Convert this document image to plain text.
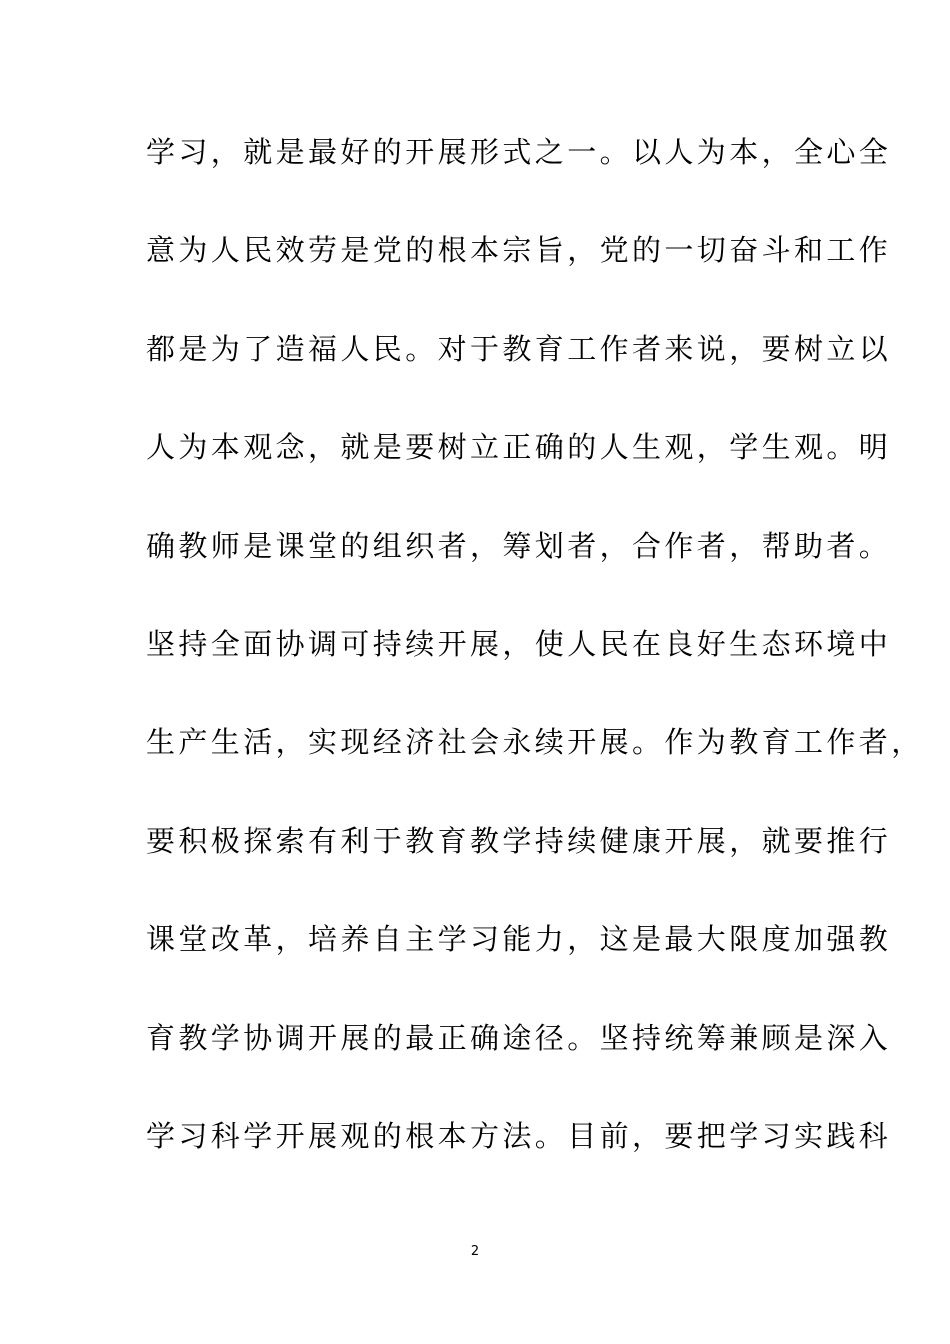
学习，就是最好的开展形式之一。以人为本，全心全
意为人民效劳是党的根本宗旨，党的一切奋斗和工作
都是为了造福人民。对于教育工作者来说，要树立以
人为本观念，就是要树立正确的人生观，学生观。明
确教师是课堂的组织者，筹划者，合作者，帮助者。
坚持全面协调可持续开展，使人民在良好生态环境中
生产生活，实现经济社会永续开展。作为教育工作者，
要积极探索有利于教育教学持续健康开展，就要推行
课堂改革，培养自主学习能力，这是最大限度加强教
育教学协调开展的最正确途径。坚持统筹兼顾是深入
学习科学开展观的根本方法。目前，要把学习实践科
2
